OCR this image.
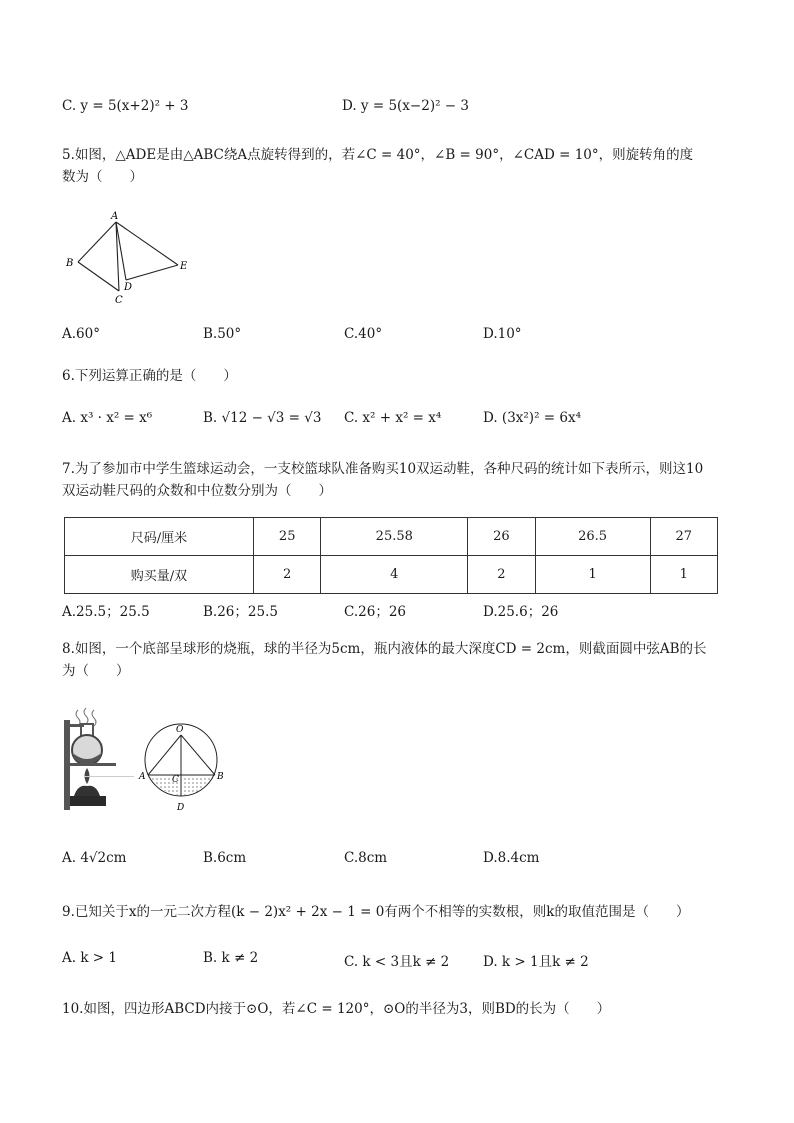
C. y = 5(x+2)² + 3	D. y = 5(x−2)² − 3
5.如图，△ADE是由△ABC绕A点旋转得到的，若∠C = 40°，∠B = 90°，∠CAD = 10°，则旋转角的度
数为（　　）
A
B
C
D
E
A.60°	B.50°	C.40°	D.10°
6.下列运算正确的是（　　）
A. x³ · x² = x⁶	B. √12 − √3 = √3	C. x² + x² = x⁴	D. (3x²)² = 6x⁴
7.为了参加市中学生篮球运动会，一支校篮球队准备购买10双运动鞋，各种尺码的统计如下表所示，则这10
双运动鞋尺码的众数和中位数分别为（　　）
尺码/厘米	25	25.58	26	26.5	27
购买量/双	2	4	2	1	1
A.25.5；25.5	B.26；25.5	C.26；26	D.25.6；26
8.如图，一个底部呈球形的烧瓶，球的半径为5cm，瓶内液体的最大深度CD = 2cm，则截面圆中弦AB的长
为（　　）
O
C
A	B
D
A. 4√2cm	B.6cm	C.8cm	D.8.4cm
9.已知关于x的一元二次方程(k − 2)x² + 2x − 1 = 0有两个不相等的实数根，则k的取值范围是（　　）
A. k > 1	B. k ≠ 2	C. k < 3且k ≠ 2	D. k > 1且k ≠ 2
10.如图，四边形ABCD内接于⊙O，若∠C = 120°，⊙O的半径为3，则BD的长为（　　）
